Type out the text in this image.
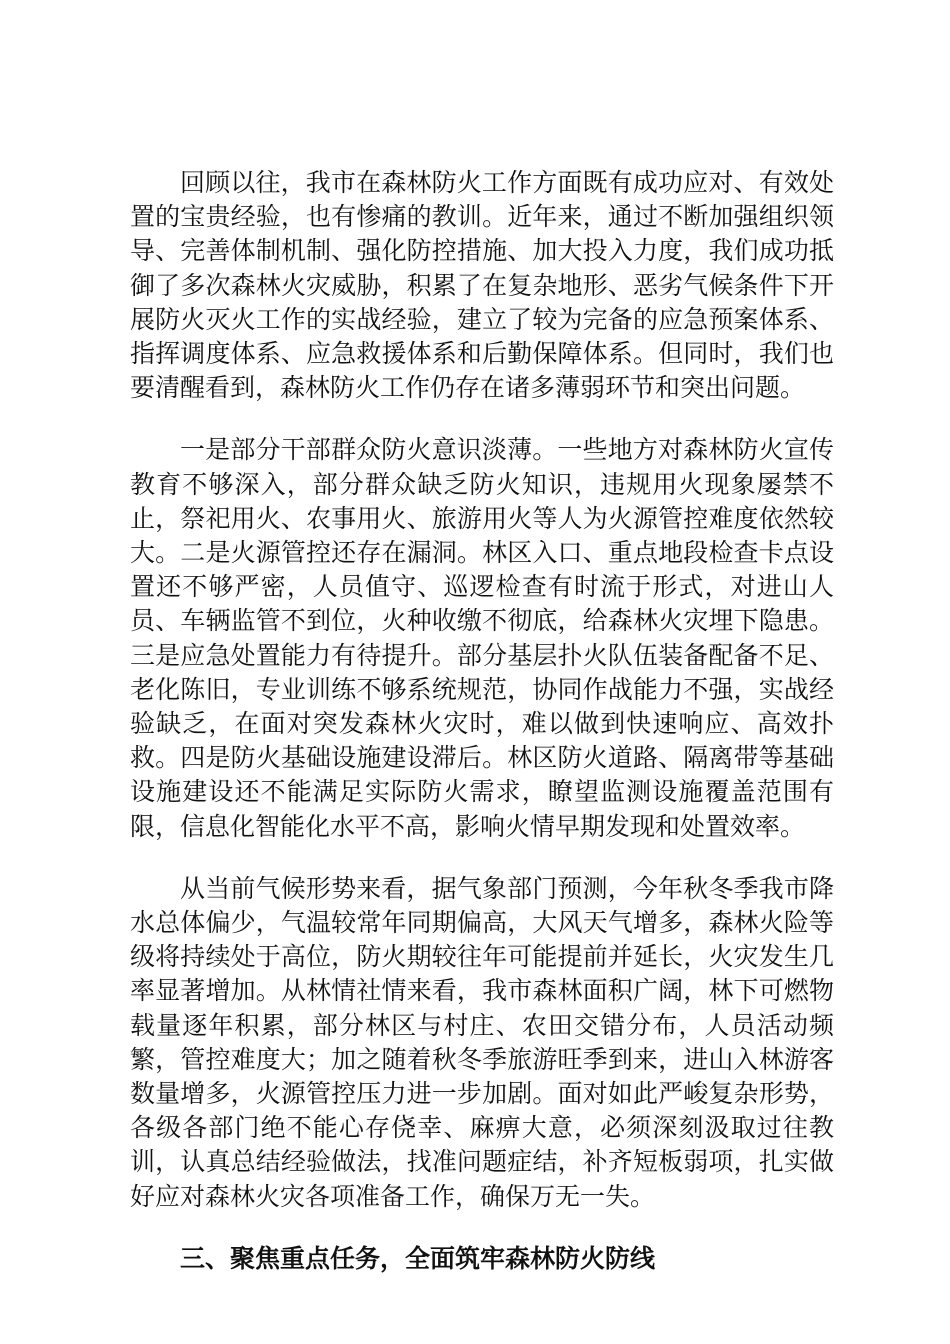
回顾以往，我市在森林防火工作方面既有成功应对、有效处置的宝贵经验，也有惨痛的教训。近年来，通过不断加强组织领导、完善体制机制、强化防控措施、加大投入力度，我们成功抵御了多次森林火灾威胁，积累了在复杂地形、恶劣气候条件下开展防火灭火工作的实战经验，建立了较为完备的应急预案体系、指挥调度体系、应急救援体系和后勤保障体系。但同时，我们也要清醒看到，森林防火工作仍存在诸多薄弱环节和突出问题。

一是部分干部群众防火意识淡薄。一些地方对森林防火宣传教育不够深入，部分群众缺乏防火知识，违规用火现象屡禁不止，祭祀用火、农事用火、旅游用火等人为火源管控难度依然较大。二是火源管控还存在漏洞。林区入口、重点地段检查卡点设置还不够严密，人员值守、巡逻检查有时流于形式，对进山人员、车辆监管不到位，火种收缴不彻底，给森林火灾埋下隐患。三是应急处置能力有待提升。部分基层扑火队伍装备配备不足、老化陈旧，专业训练不够系统规范，协同作战能力不强，实战经验缺乏，在面对突发森林火灾时，难以做到快速响应、高效扑救。四是防火基础设施建设滞后。林区防火道路、隔离带等基础设施建设还不能满足实际防火需求，瞭望监测设施覆盖范围有限，信息化智能化水平不高，影响火情早期发现和处置效率。

从当前气候形势来看，据气象部门预测，今年秋冬季我市降水总体偏少，气温较常年同期偏高，大风天气增多，森林火险等级将持续处于高位，防火期较往年可能提前并延长，火灾发生几率显著增加。从林情社情来看，我市森林面积广阔，林下可燃物载量逐年积累，部分林区与村庄、农田交错分布，人员活动频繁，管控难度大；加之随着秋冬季旅游旺季到来，进山入林游客数量增多，火源管控压力进一步加剧。面对如此严峻复杂形势，各级各部门绝不能心存侥幸、麻痹大意，必须深刻汲取过往教训，认真总结经验做法，找准问题症结，补齐短板弱项，扎实做好应对森林火灾各项准备工作，确保万无一失。

三、聚焦重点任务，全面筑牢森林防火防线
